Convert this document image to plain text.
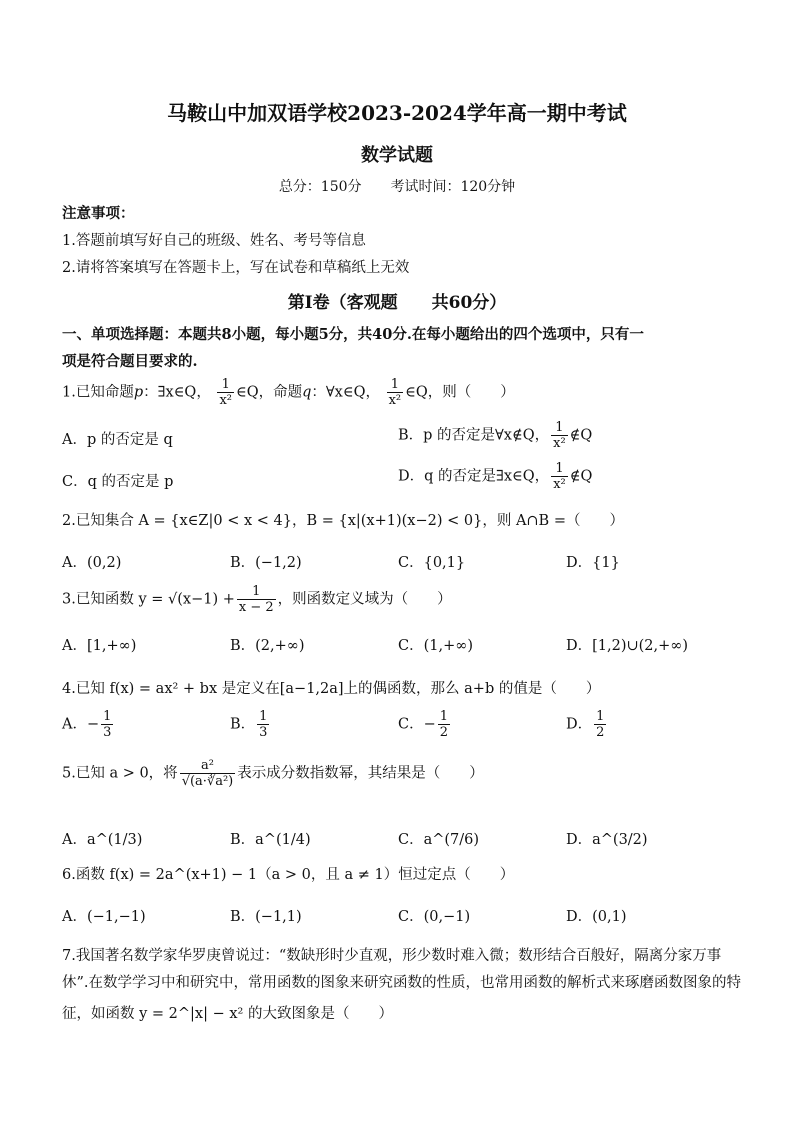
马鞍山中加双语学校2023-2024学年高一期中考试
数学试题
总分：150分 考试时间：120分钟
注意事项：
1.答题前填写好自己的班级、姓名、考号等信息
2.请将答案填写在答题卡上，写在试卷和草稿纸上无效
第Ⅰ卷（客观题　　共60分）
一、单项选择题：本题共8小题，每小题5分，共40分.在每小题给出的四个选项中，只有一
项是符合题目要求的.
1.已知命题p：∃x∈Q， $\frac{1}{\text{x²}}$ ∈Q，命题q：∀x∈Q， $\frac{1}{\text{x²}}$ ∈Q，则（　　）
A．p 的否定是 q	B．p 的否定是∀x∉Q， $\frac{1}{\text{x²}}$ ∉Q
C．q 的否定是 p	D．q 的否定是∃x∈Q， $\frac{1}{\text{x²}}$ ∉Q
2.已知集合 A = {x∈Z|0 < x < 4}，B = {x|(x+1)(x−2) < 0}，则 A∩B =（　　）
A．(0,2)	B．(−1,2)	C．{0,1}	D．{1}
3.已知函数 $y = √(x-1) + \frac{1}{x - 2}$ ，则函数定义域为（　　）
A．[1,+∞)	B．(2,+∞)	C．(1,+∞)	D．[1,2)∪(2,+∞)
4.已知 f(x) = ax² + bx 是定义在[a−1,2a]上的偶函数，那么 a+b 的值是（　　）
A．− $\frac{1}{3}$	B． $\frac{1}{3}$	C．− $\frac{1}{2}$	D． $\frac{1}{2}$
5.已知 a > 0，将 $\frac{\text{a²}}{\text{√(a·∛a²)}}$ 表示成分数指数幂，其结果是（　　）
A．a^(1/3)	B．a^(1/4)	C．a^(7/6)	D．a^(3/2)
6.函数 f(x) = 2a^(x+1) − 1（a > 0，且 a ≠ 1）恒过定点（　　）
A．(−1,−1)	B．(−1,1)	C．(0,−1)	D．(0,1)
7.我国著名数学家华罗庚曾说过：“数缺形时少直观，形少数时难入微；数形结合百般好，隔离分家万事
休”.在数学学习中和研究中，常用函数的图象来研究函数的性质，也常用函数的解析式来琢磨函数图象的特
征，如函数 y = 2^|x| − x² 的大致图象是（　　）
